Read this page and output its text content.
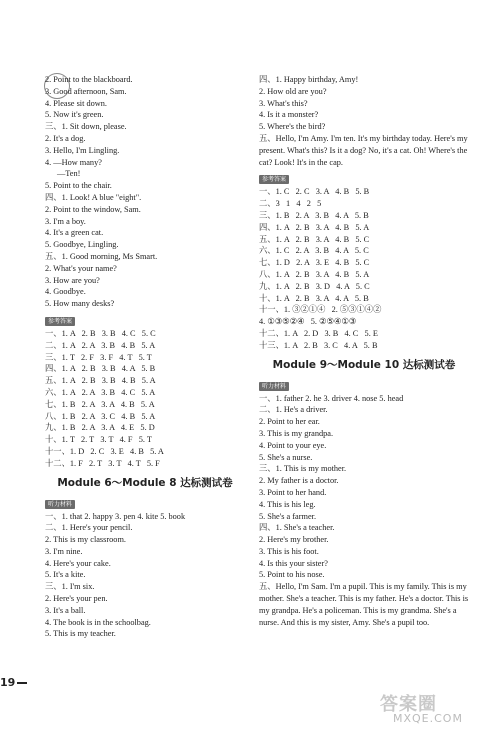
2. Point to the blackboard.
3. Good afternoon, Sam.
4. Please sit down.
5. Now it's green.
三、1. Sit down, please.
2. It's a dog.
3. Hello, I'm Lingling.
4. —How many?
—Ten!
5. Point to the chair.
四、1. Look! A blue "eight".
2. Point to the window, Sam.
3. I'm a boy.
4. It's a green cat.
5. Goodbye, Lingling.
五、1. Good morning, Ms Smart.
2. What's your name?
3. How are you?
4. Goodbye.
5. How many desks?
参考答案
一、1. A   2. B   3. B   4. C   5. C
二、1. A   2. A   3. B   4. B   5. A
三、1. T   2. F   3. F   4. T   5. T
四、1. A   2. B   3. B   4. A   5. B
五、1. A   2. B   3. B   4. B   5. A
六、1. A   2. A   3. B   4. C   5. A
七、1. B   2. A   3. A   4. B   5. A
八、1. B   2. A   3. C   4. B   5. A
九、1. B   2. A   3. A   4. E   5. D
十、1. T   2. T   3. T   4. F   5. T
十一、1. D   2. C   3. E   4. B   5. A
十二、1. F   2. T   3. T   4. T   5. F
Module 6～Module 8 达标测试卷
听力材料
一、1. that 2. happy 3. pen 4. kite 5. book
二、1. Here's your pencil.
2. This is my classroom.
3. I'm nine.
4. Here's your cake.
5. It's a kite.
三、1. I'm six.
2. Here's your pen.
3. It's a ball.
4. The book is in the schoolbag.
5. This is my teacher.
四、1. Happy birthday, Amy!
2. How old are you?
3. What's this?
4. Is it a monster?
5. Where's the bird?
五、Hello, I'm Amy. I'm ten. It's my birthday today. Here's my present. What's this? Is it a dog? No, it's a cat. Oh! Where's the cat? Look! It's in the cap.
参考答案
一、1. C   2. C   3. A   4. B   5. B
二、3   1   4   2   5
三、1. B   2. A   3. B   4. A   5. B
四、1. A   2. B   3. A   4. B   5. A
五、1. A   2. B   3. A   4. B   5. C
六、1. C   2. A   3. B   4. A   5. C
七、1. D   2. A   3. E   4. B   5. C
八、1. A   2. B   3. A   4. B   5. A
九、1. A   2. B   3. D   4. A   5. C
十、1. A   2. B   3. A   4. A   5. B
十一、1. ③②①④   2. ⑤③①④②
4. ①③⑤②④   5. ②⑤④①③
十二、1. A   2. D   3. B   4. C   5. E
十三、1. A   2. B   3. C   4. A   5. B
Module 9～Module 10 达标测试卷
听力材料
一、1. father 2. he 3. driver 4. nose 5. head
二、1. He's a driver.
2. Point to her ear.
3. This is my grandpa.
4. Point to your eye.
5. She's a nurse.
三、1. This is my mother.
2. My father is a doctor.
3. Point to her hand.
4. This is his leg.
5. She's a farmer.
四、1. She's a teacher.
2. Here's my brother.
3. This is his foot.
4. Is this your sister?
5. Point to his nose.
五、Hello, I'm Sam. I'm a pupil. This is my family. This is my mother. She's a teacher. This is my father. He's a doctor. This is my grandpa. He's a policeman. This is my grandma. She's a nurse. And this is my sister, Amy. She's a pupil too.
19
答案圈
MXQE.COM
